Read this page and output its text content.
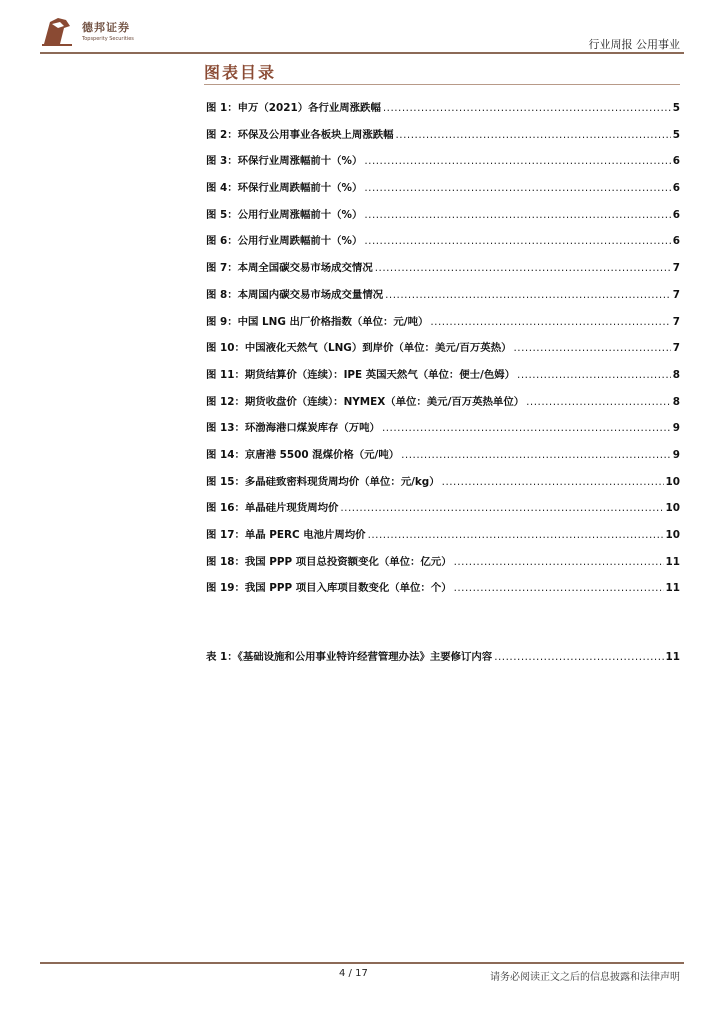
德邦证券
Topsperity Securities	行业周报 公用事业
图表目录
图 1：申万（2021）各行业周涨跌幅 .....	5
图 2：环保及公用事业各板块上周涨跌幅 .....	5
图 3：环保行业周涨幅前十（%） .....	6
图 4：环保行业周跌幅前十（%） .....	6
图 5：公用行业周涨幅前十（%） .....	6
图 6：公用行业周跌幅前十（%） .....	6
图 7：本周全国碳交易市场成交情况 .....	7
图 8：本周国内碳交易市场成交量情况 .....	7
图 9：中国 LNG 出厂价格指数（单位：元/吨） .....	7
图 10：中国液化天然气（LNG）到岸价（单位：美元/百万英热） .....	7
图 11：期货结算价（连续）：IPE 英国天然气（单位：便士/色姆） .....	8
图 12：期货收盘价（连续）：NYMEX（单位：美元/百万英热单位） .....	8
图 13：环渤海港口煤炭库存（万吨） .....	9
图 14：京唐港 5500 混煤价格（元/吨） .....	9
图 15：多晶硅致密料现货周均价（单位：元/kg） .....	10
图 16：单晶硅片现货周均价 .....	10
图 17：单晶 PERC 电池片周均价 .....	10
图 18：我国 PPP 项目总投资额变化（单位：亿元） .....	11
图 19：我国 PPP 项目入库项目数变化（单位：个） .....	11
表 1：《基础设施和公用事业特许经营管理办法》主要修订内容 .....	11
4 / 17	请务必阅读正文之后的信息披露和法律声明
